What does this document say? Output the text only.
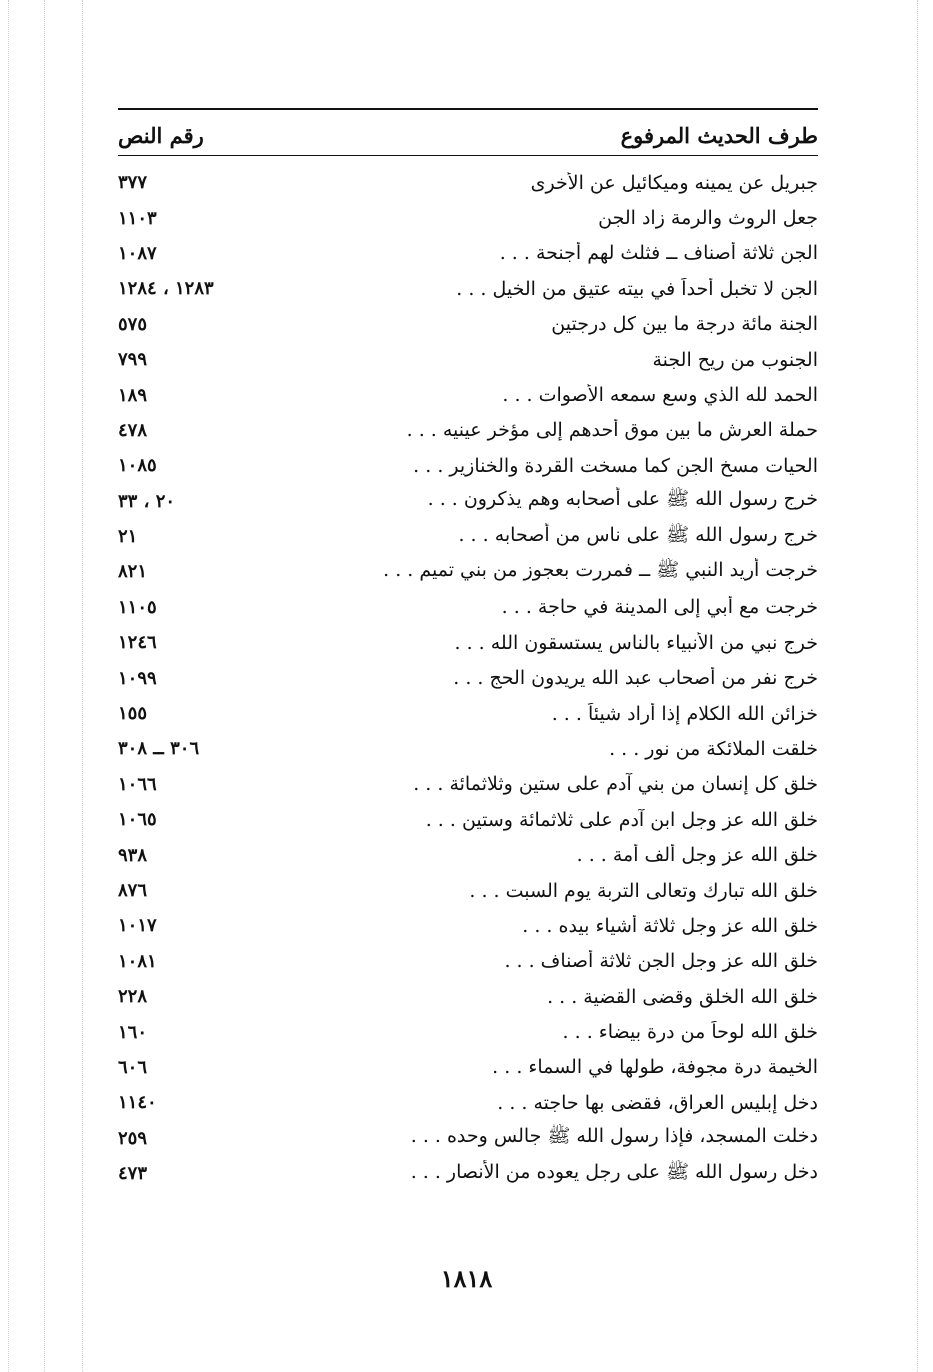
رقم النص	طرف الحديث المرفوع
٣٧٧	جبريل عن يمينه وميكائيل عن الأخرى
١١٠٣	جعل الروث والرمة زاد الجن
١٠٨٧	الجن ثلاثة أصناف ــ فثلث لهم أجنحة . . .
١٢٨٣ ، ١٢٨٤	الجن لا تخبل أحداً في بيته عتيق من الخيل . . .
٥٧٥	الجنة مائة درجة ما بين كل درجتين
٧٩٩	الجنوب من ريح الجنة
١٨٩	الحمد لله الذي وسع سمعه الأصوات . . .
٤٧٨	حملة العرش ما بين موق أحدهم إلى مؤخر عينيه . . .
١٠٨٥	الحيات مسخ الجن كما مسخت القردة والخنازير . . .
٢٠ ، ٣٣	خرج رسول الله ﷺ على أصحابه وهم يذكرون . . .
٢١	خرج رسول الله ﷺ على ناس من أصحابه . . .
٨٢١	خرجت أريد النبي ﷺ ــ فمررت بعجوز من بني تميم . . .
١١٠٥	خرجت مع أبي إلى المدينة في حاجة . . .
١٢٤٦	خرج نبي من الأنبياء بالناس يستسقون الله . . .
١٠٩٩	خرج نفر من أصحاب عبد الله يريدون الحج . . .
١٥٥	خزائن الله الكلام إذا أراد شيئاً . . .
٣٠٦ ــ ٣٠٨	خلقت الملائكة من نور . . .
١٠٦٦	خلق كل إنسان من بني آدم على ستين وثلاثمائة . . .
١٠٦٥	خلق الله عز وجل ابن آدم على ثلاثمائة وستين . . .
٩٣٨	خلق الله عز وجل ألف أمة . . .
٨٧٦	خلق الله تبارك وتعالى التربة يوم السبت . . .
١٠١٧	خلق الله عز وجل ثلاثة أشياء بيده . . .
١٠٨١	خلق الله عز وجل الجن ثلاثة أصناف . . .
٢٢٨	خلق الله الخلق وقضى القضية . . .
١٦٠	خلق الله لوحاً من درة بيضاء . . .
٦٠٦	الخيمة درة مجوفة، طولها في السماء . . .
١١٤٠	دخل إبليس العراق، فقضى بها حاجته . . .
٢٥٩	دخلت المسجد، فإذا رسول الله ﷺ جالس وحده . . .
٤٧٣	دخل رسول الله ﷺ على رجل يعوده من الأنصار . . .
١٨١٨
